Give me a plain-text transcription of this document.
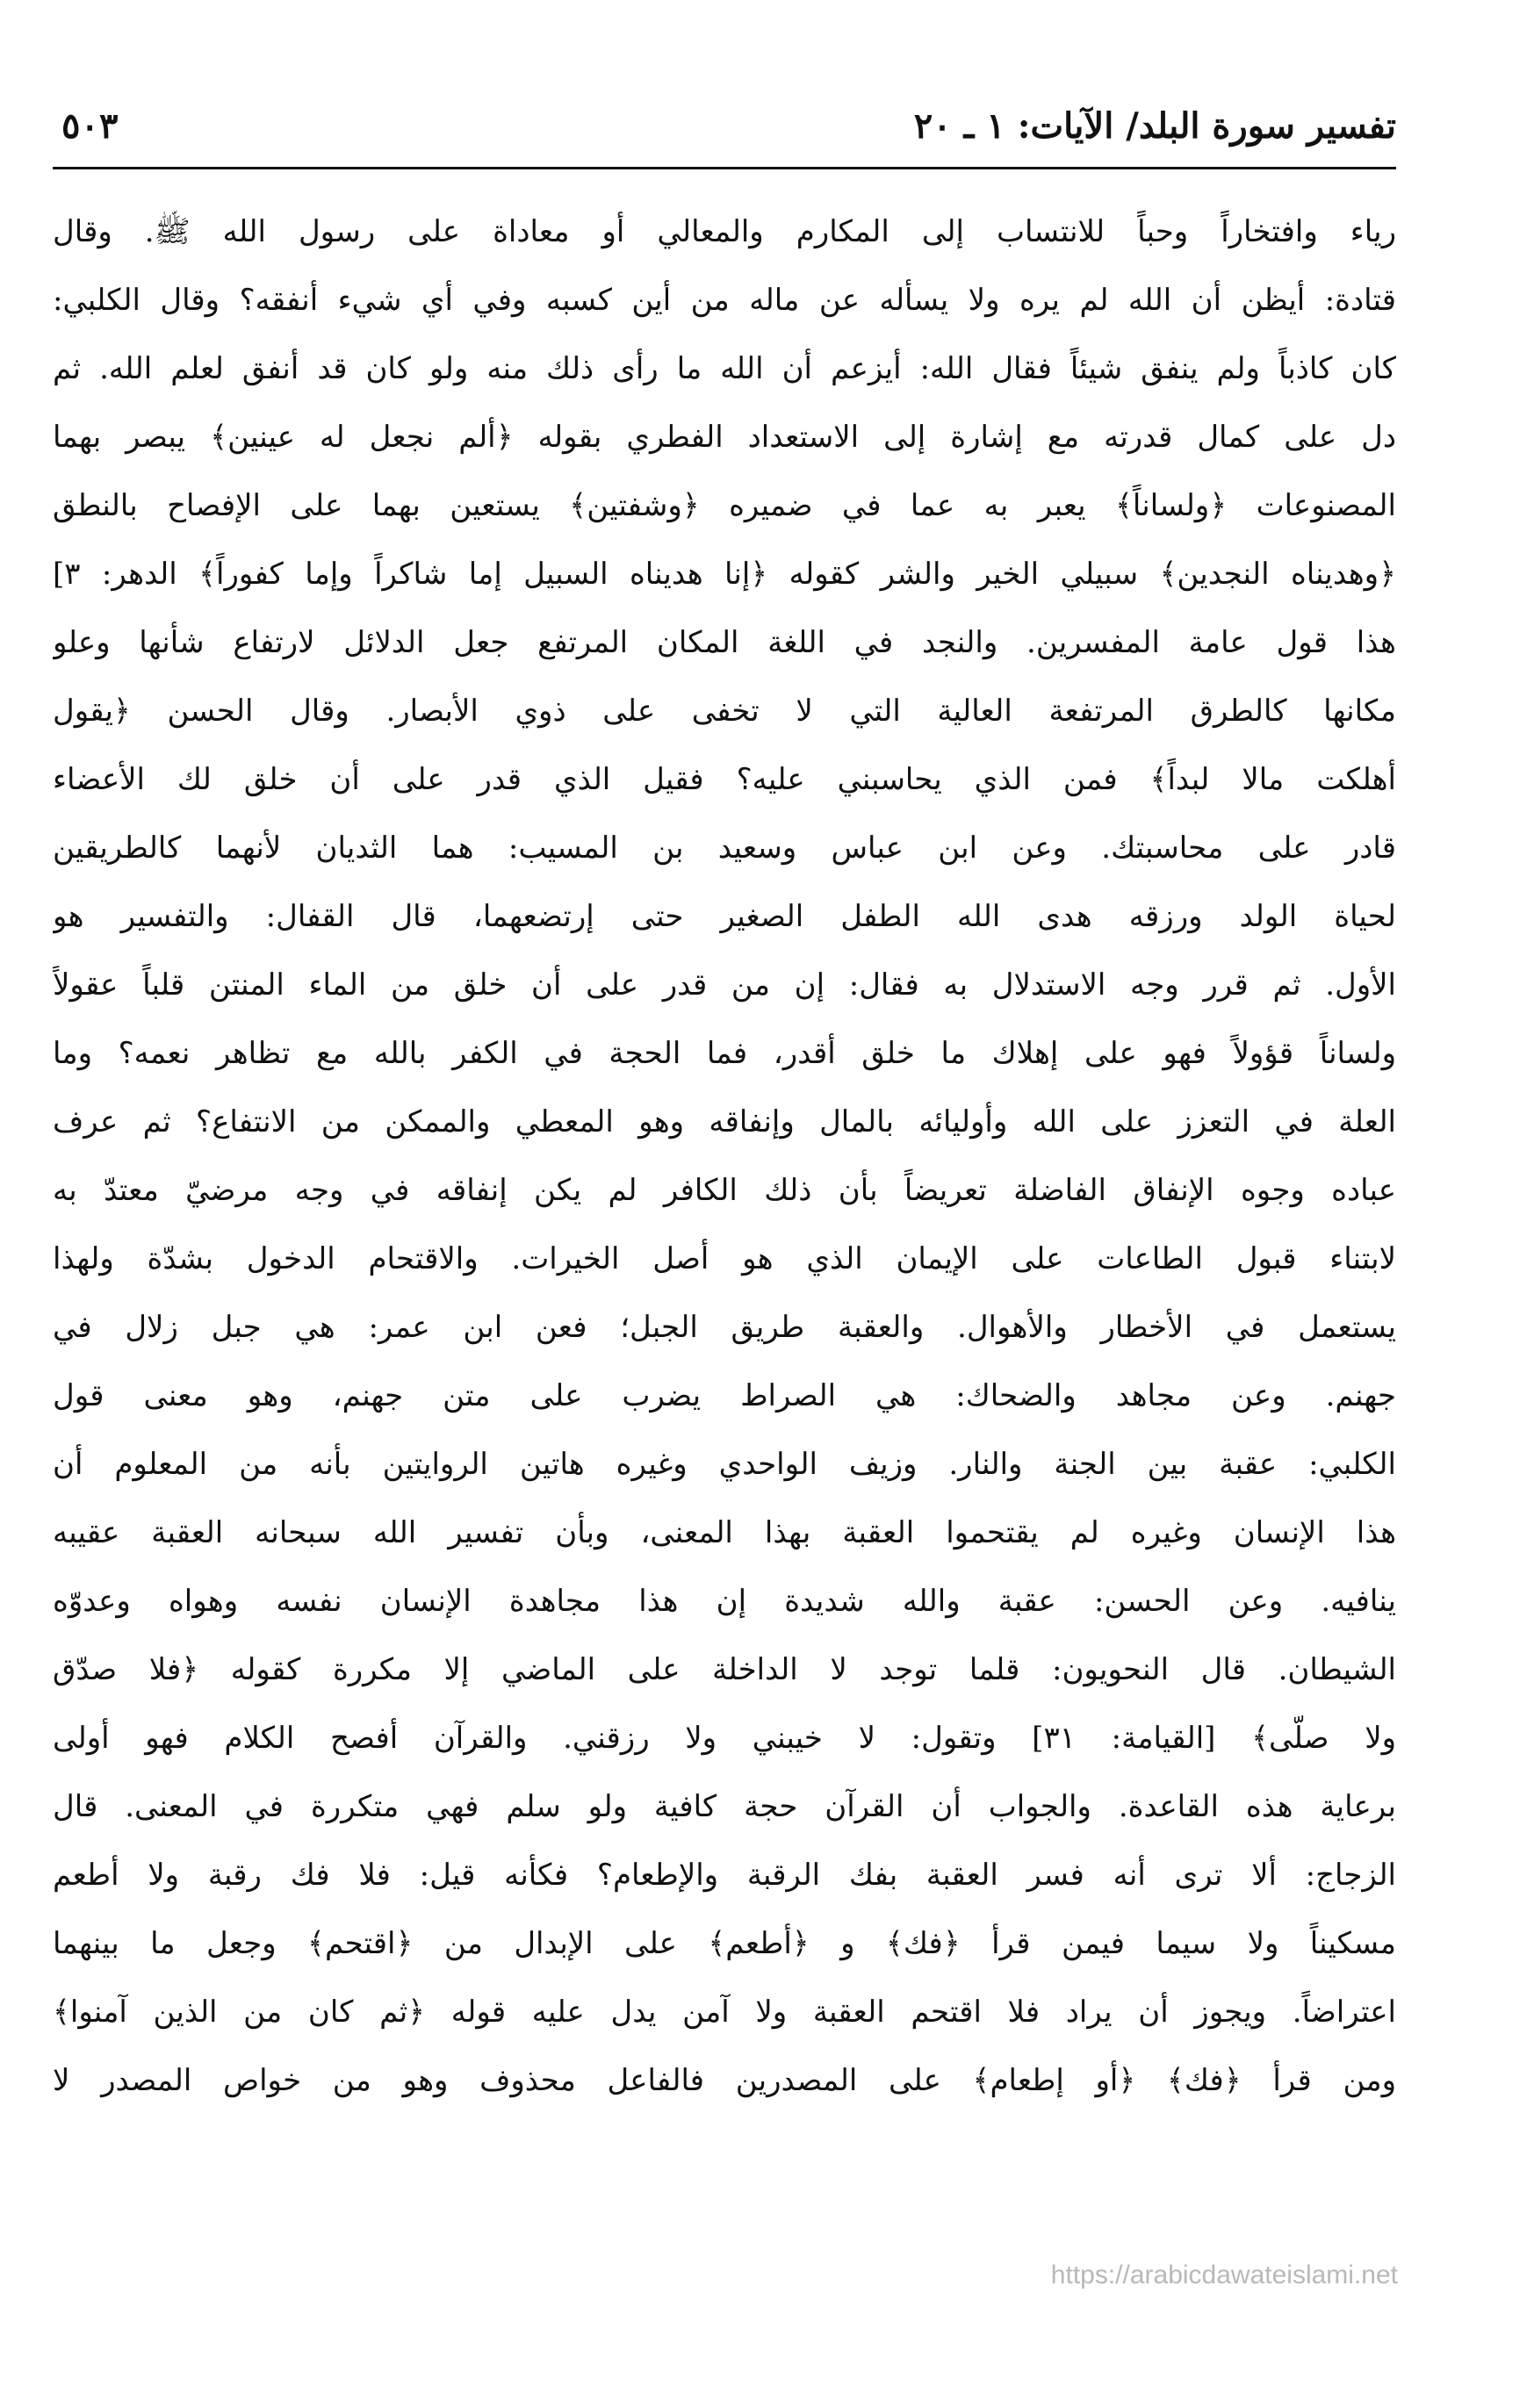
تفسير سورة البلد/ الآيات: ١ ـ ٢٠
٥٠٣
رياء وافتخاراً وحباً للانتساب إلى المكارم والمعالي أو معاداة على رسول الله ﷺ. وقال
قتادة: أيظن أن الله لم يره ولا يسأله عن ماله من أين كسبه وفي أي شيء أنفقه؟ وقال الكلبي:
كان كاذباً ولم ينفق شيئاً فقال الله: أيزعم أن الله ما رأى ذلك منه ولو كان قد أنفق لعلم الله. ثم
دل على كمال قدرته مع إشارة إلى الاستعداد الفطري بقوله ﴿ألم نجعل له عينين﴾ يبصر بهما
المصنوعات ﴿ولساناً﴾ يعبر به عما في ضميره ﴿وشفتين﴾ يستعين بهما على الإفصاح بالنطق
﴿وهديناه النجدين﴾ سبيلي الخير والشر كقوله ﴿إنا هديناه السبيل إما شاكراً وإما كفوراً﴾ الدهر: ٣]
هذا قول عامة المفسرين. والنجد في اللغة المكان المرتفع جعل الدلائل لارتفاع شأنها وعلو
مكانها كالطرق المرتفعة العالية التي لا تخفى على ذوي الأبصار. وقال الحسن ﴿يقول
أهلكت مالا لبداً﴾ فمن الذي يحاسبني عليه؟ فقيل الذي قدر على أن خلق لك الأعضاء
قادر على محاسبتك. وعن ابن عباس وسعيد بن المسيب: هما الثديان لأنهما كالطريقين
لحياة الولد ورزقه هدى الله الطفل الصغير حتى إرتضعهما، قال القفال: والتفسير هو
الأول. ثم قرر وجه الاستدلال به فقال: إن من قدر على أن خلق من الماء المنتن قلباً عقولاً
ولساناً قؤولاً فهو على إهلاك ما خلق أقدر، فما الحجة في الكفر بالله مع تظاهر نعمه؟ وما
العلة في التعزز على الله وأوليائه بالمال وإنفاقه وهو المعطي والممكن من الانتفاع؟ ثم عرف
عباده وجوه الإنفاق الفاضلة تعريضاً بأن ذلك الكافر لم يكن إنفاقه في وجه مرضيّ معتدّ به
لابتناء قبول الطاعات على الإيمان الذي هو أصل الخيرات. والاقتحام الدخول بشدّة ولهذا
يستعمل في الأخطار والأهوال. والعقبة طريق الجبل؛ فعن ابن عمر: هي جبل زلال في
جهنم. وعن مجاهد والضحاك: هي الصراط يضرب على متن جهنم، وهو معنى قول
الكلبي: عقبة بين الجنة والنار. وزيف الواحدي وغيره هاتين الروايتين بأنه من المعلوم أن
هذا الإنسان وغيره لم يقتحموا العقبة بهذا المعنى، وبأن تفسير الله سبحانه العقبة عقيبه
ينافيه. وعن الحسن: عقبة والله شديدة إن هذا مجاهدة الإنسان نفسه وهواه وعدوّه
الشيطان. قال النحويون: قلما توجد لا الداخلة على الماضي إلا مكررة كقوله ﴿فلا صدّق
ولا صلّى﴾ [القيامة: ٣١] وتقول: لا خيبني ولا رزقني. والقرآن أفصح الكلام فهو أولى
برعاية هذه القاعدة. والجواب أن القرآن حجة كافية ولو سلم فهي متكررة في المعنى. قال
الزجاج: ألا ترى أنه فسر العقبة بفك الرقبة والإطعام؟ فكأنه قيل: فلا فك رقبة ولا أطعم
مسكيناً ولا سيما فيمن قرأ ﴿فك﴾ و ﴿أطعم﴾ على الإبدال من ﴿اقتحم﴾ وجعل ما بينهما
اعتراضاً. ويجوز أن يراد فلا اقتحم العقبة ولا آمن يدل عليه قوله ﴿ثم كان من الذين آمنوا﴾
ومن قرأ ﴿فك﴾ ﴿أو إطعام﴾ على المصدرين فالفاعل محذوف وهو من خواص المصدر لا
https://arabicdawateislami.net
